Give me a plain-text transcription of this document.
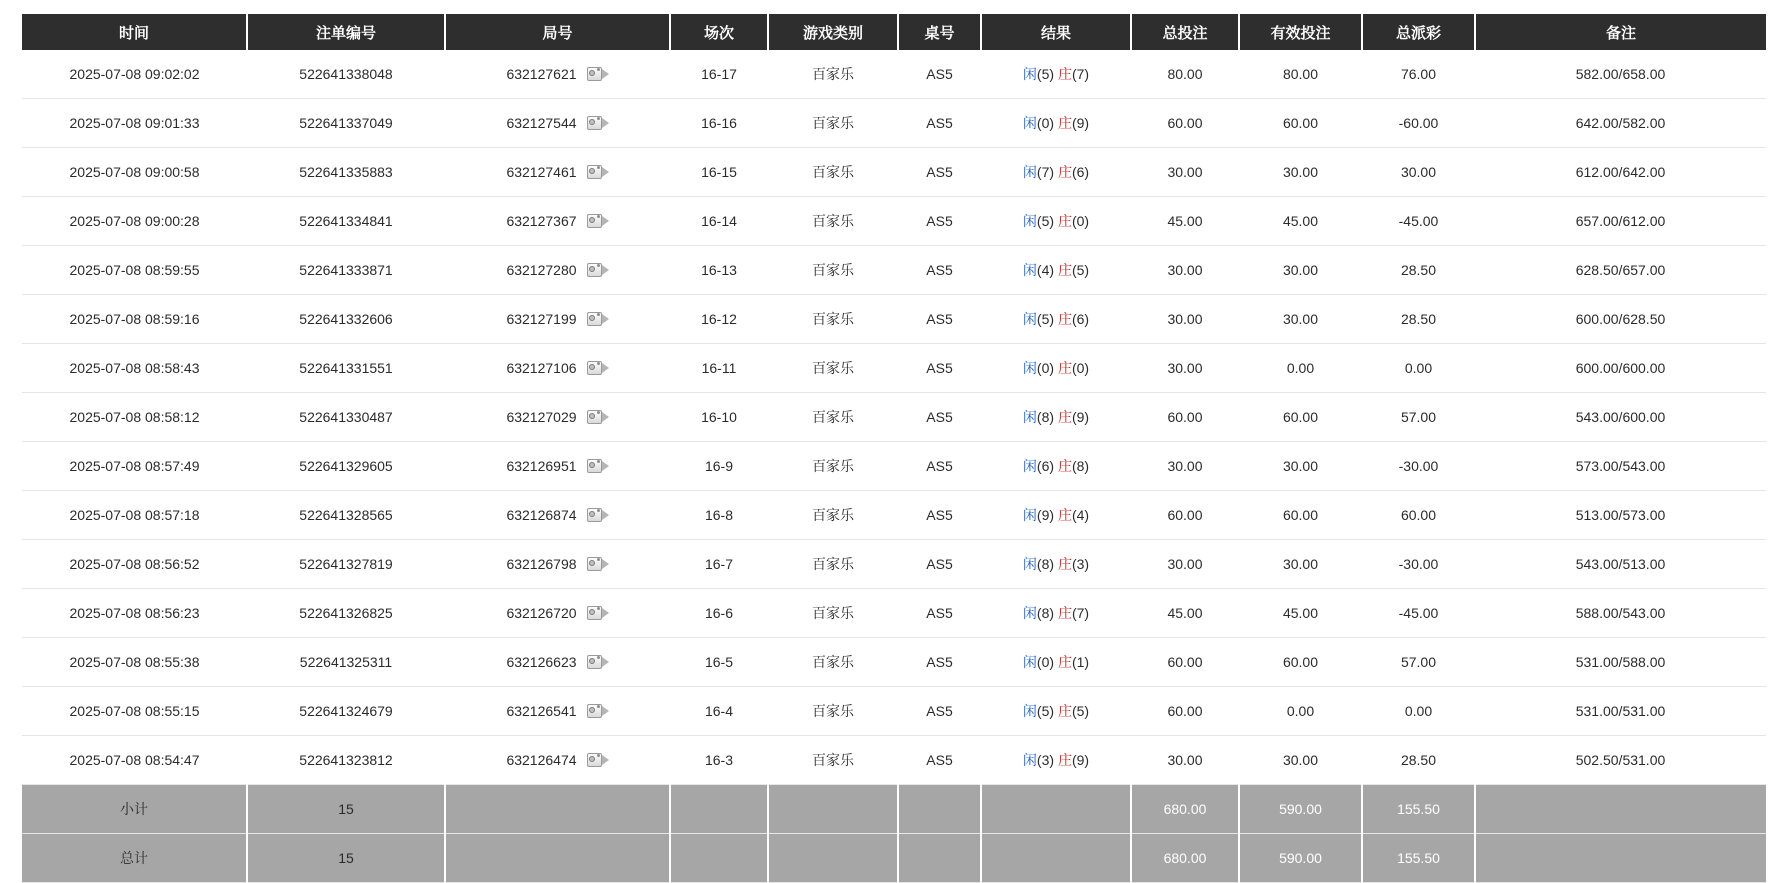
时间	注单编号	局号	场次	游戏类别	桌号	结果	总投注	有效投注	总派彩	备注
2025-07-08 09:02:02	522641338048	632127621	16-17	百家乐	AS5	闲(5) 庄(7)	80.00	80.00	76.00	582.00/658.00
2025-07-08 09:01:33	522641337049	632127544	16-16	百家乐	AS5	闲(0) 庄(9)	60.00	60.00	-60.00	642.00/582.00
2025-07-08 09:00:58	522641335883	632127461	16-15	百家乐	AS5	闲(7) 庄(6)	30.00	30.00	30.00	612.00/642.00
2025-07-08 09:00:28	522641334841	632127367	16-14	百家乐	AS5	闲(5) 庄(0)	45.00	45.00	-45.00	657.00/612.00
2025-07-08 08:59:55	522641333871	632127280	16-13	百家乐	AS5	闲(4) 庄(5)	30.00	30.00	28.50	628.50/657.00
2025-07-08 08:59:16	522641332606	632127199	16-12	百家乐	AS5	闲(5) 庄(6)	30.00	30.00	28.50	600.00/628.50
2025-07-08 08:58:43	522641331551	632127106	16-11	百家乐	AS5	闲(0) 庄(0)	30.00	0.00	0.00	600.00/600.00
2025-07-08 08:58:12	522641330487	632127029	16-10	百家乐	AS5	闲(8) 庄(9)	60.00	60.00	57.00	543.00/600.00
2025-07-08 08:57:49	522641329605	632126951	16-9	百家乐	AS5	闲(6) 庄(8)	30.00	30.00	-30.00	573.00/543.00
2025-07-08 08:57:18	522641328565	632126874	16-8	百家乐	AS5	闲(9) 庄(4)	60.00	60.00	60.00	513.00/573.00
2025-07-08 08:56:52	522641327819	632126798	16-7	百家乐	AS5	闲(8) 庄(3)	30.00	30.00	-30.00	543.00/513.00
2025-07-08 08:56:23	522641326825	632126720	16-6	百家乐	AS5	闲(8) 庄(7)	45.00	45.00	-45.00	588.00/543.00
2025-07-08 08:55:38	522641325311	632126623	16-5	百家乐	AS5	闲(0) 庄(1)	60.00	60.00	57.00	531.00/588.00
2025-07-08 08:55:15	522641324679	632126541	16-4	百家乐	AS5	闲(5) 庄(5)	60.00	0.00	0.00	531.00/531.00
2025-07-08 08:54:47	522641323812	632126474	16-3	百家乐	AS5	闲(3) 庄(9)	30.00	30.00	28.50	502.50/531.00
小计	15						680.00	590.00	155.50	
总计	15						680.00	590.00	155.50	
